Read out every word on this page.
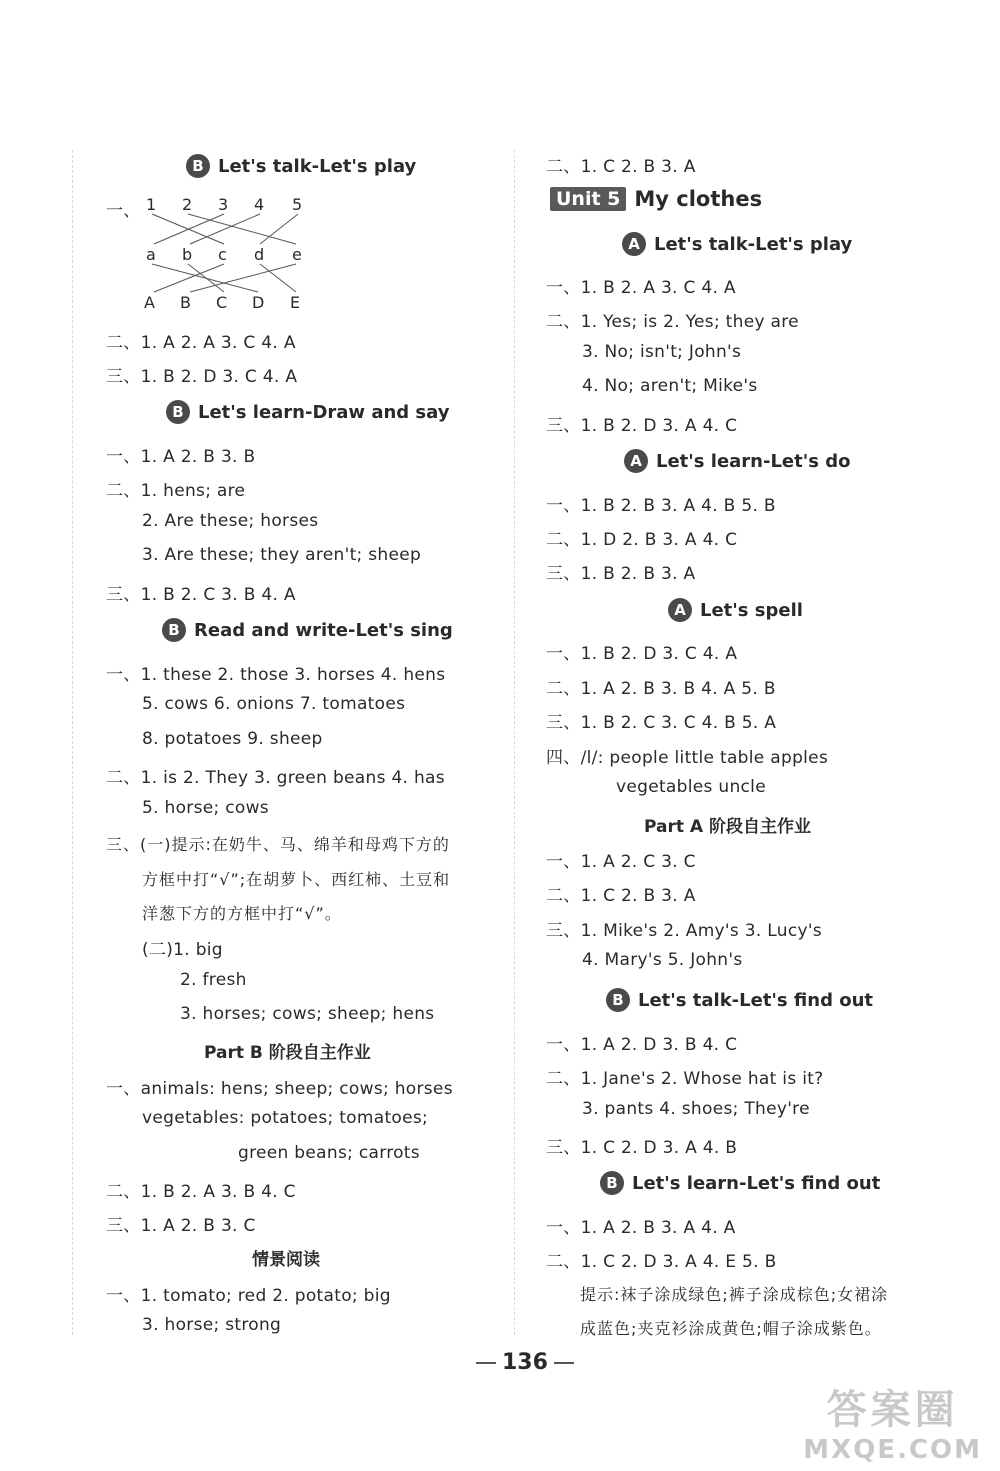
B Let's talk-Let's play
一、 1 2 3 4 5
a b c d e
A B C D E
二、1. A 2. A 3. C 4. A
三、1. B 2. D 3. C 4. A
B Let's learn-Draw and say
一、1. A 2. B 3. B
二、1. hens; are
2. Are these; horses
3. Are these; they aren't; sheep
三、1. B 2. C 3. B 4. A
B Read and write-Let's sing
一、1. these 2. those 3. horses 4. hens
5. cows 6. onions 7. tomatoes
8. potatoes 9. sheep
二、1. is 2. They 3. green beans 4. has
5. horse; cows
三、(一)提示:在奶牛、马、绵羊和母鸡下方的
方框中打“√”;在胡萝卜、西红柿、土豆和
洋葱下方的方框中打“√”。
(二)1. big
2. fresh
3. horses; cows; sheep; hens
Part B 阶段自主作业
一、animals: hens; sheep; cows; horses
vegetables: potatoes; tomatoes;
green beans; carrots
二、1. B 2. A 3. B 4. C
三、1. A 2. B 3. C
情景阅读
一、1. tomato; red 2. potato; big
3. horse; strong
二、1. C 2. B 3. A
Unit 5 My clothes
A Let's talk-Let's play
一、1. B 2. A 3. C 4. A
二、1. Yes; is 2. Yes; they are
3. No; isn't; John's
4. No; aren't; Mike's
三、1. B 2. D 3. A 4. C
A Let's learn-Let's do
一、1. B 2. B 3. A 4. B 5. B
二、1. D 2. B 3. A 4. C
三、1. B 2. B 3. A
A Let's spell
一、1. B 2. D 3. C 4. A
二、1. A 2. B 3. B 4. A 5. B
三、1. B 2. C 3. C 4. B 5. A
四、/l/: people little table apples
vegetables uncle
Part A 阶段自主作业
一、1. A 2. C 3. C
二、1. C 2. B 3. A
三、1. Mike's 2. Amy's 3. Lucy's
4. Mary's 5. John's
B Let's talk-Let's find out
一、1. A 2. D 3. B 4. C
二、1. Jane's 2. Whose hat is it?
3. pants 4. shoes; They're
三、1. C 2. D 3. A 4. B
B Let's learn-Let's find out
一、1. A 2. B 3. A 4. A
二、1. C 2. D 3. A 4. E 5. B
提示:袜子涂成绿色;裤子涂成棕色;女裙涂
成蓝色;夹克衫涂成黄色;帽子涂成紫色。
136
答案圈
MXQE.COM
